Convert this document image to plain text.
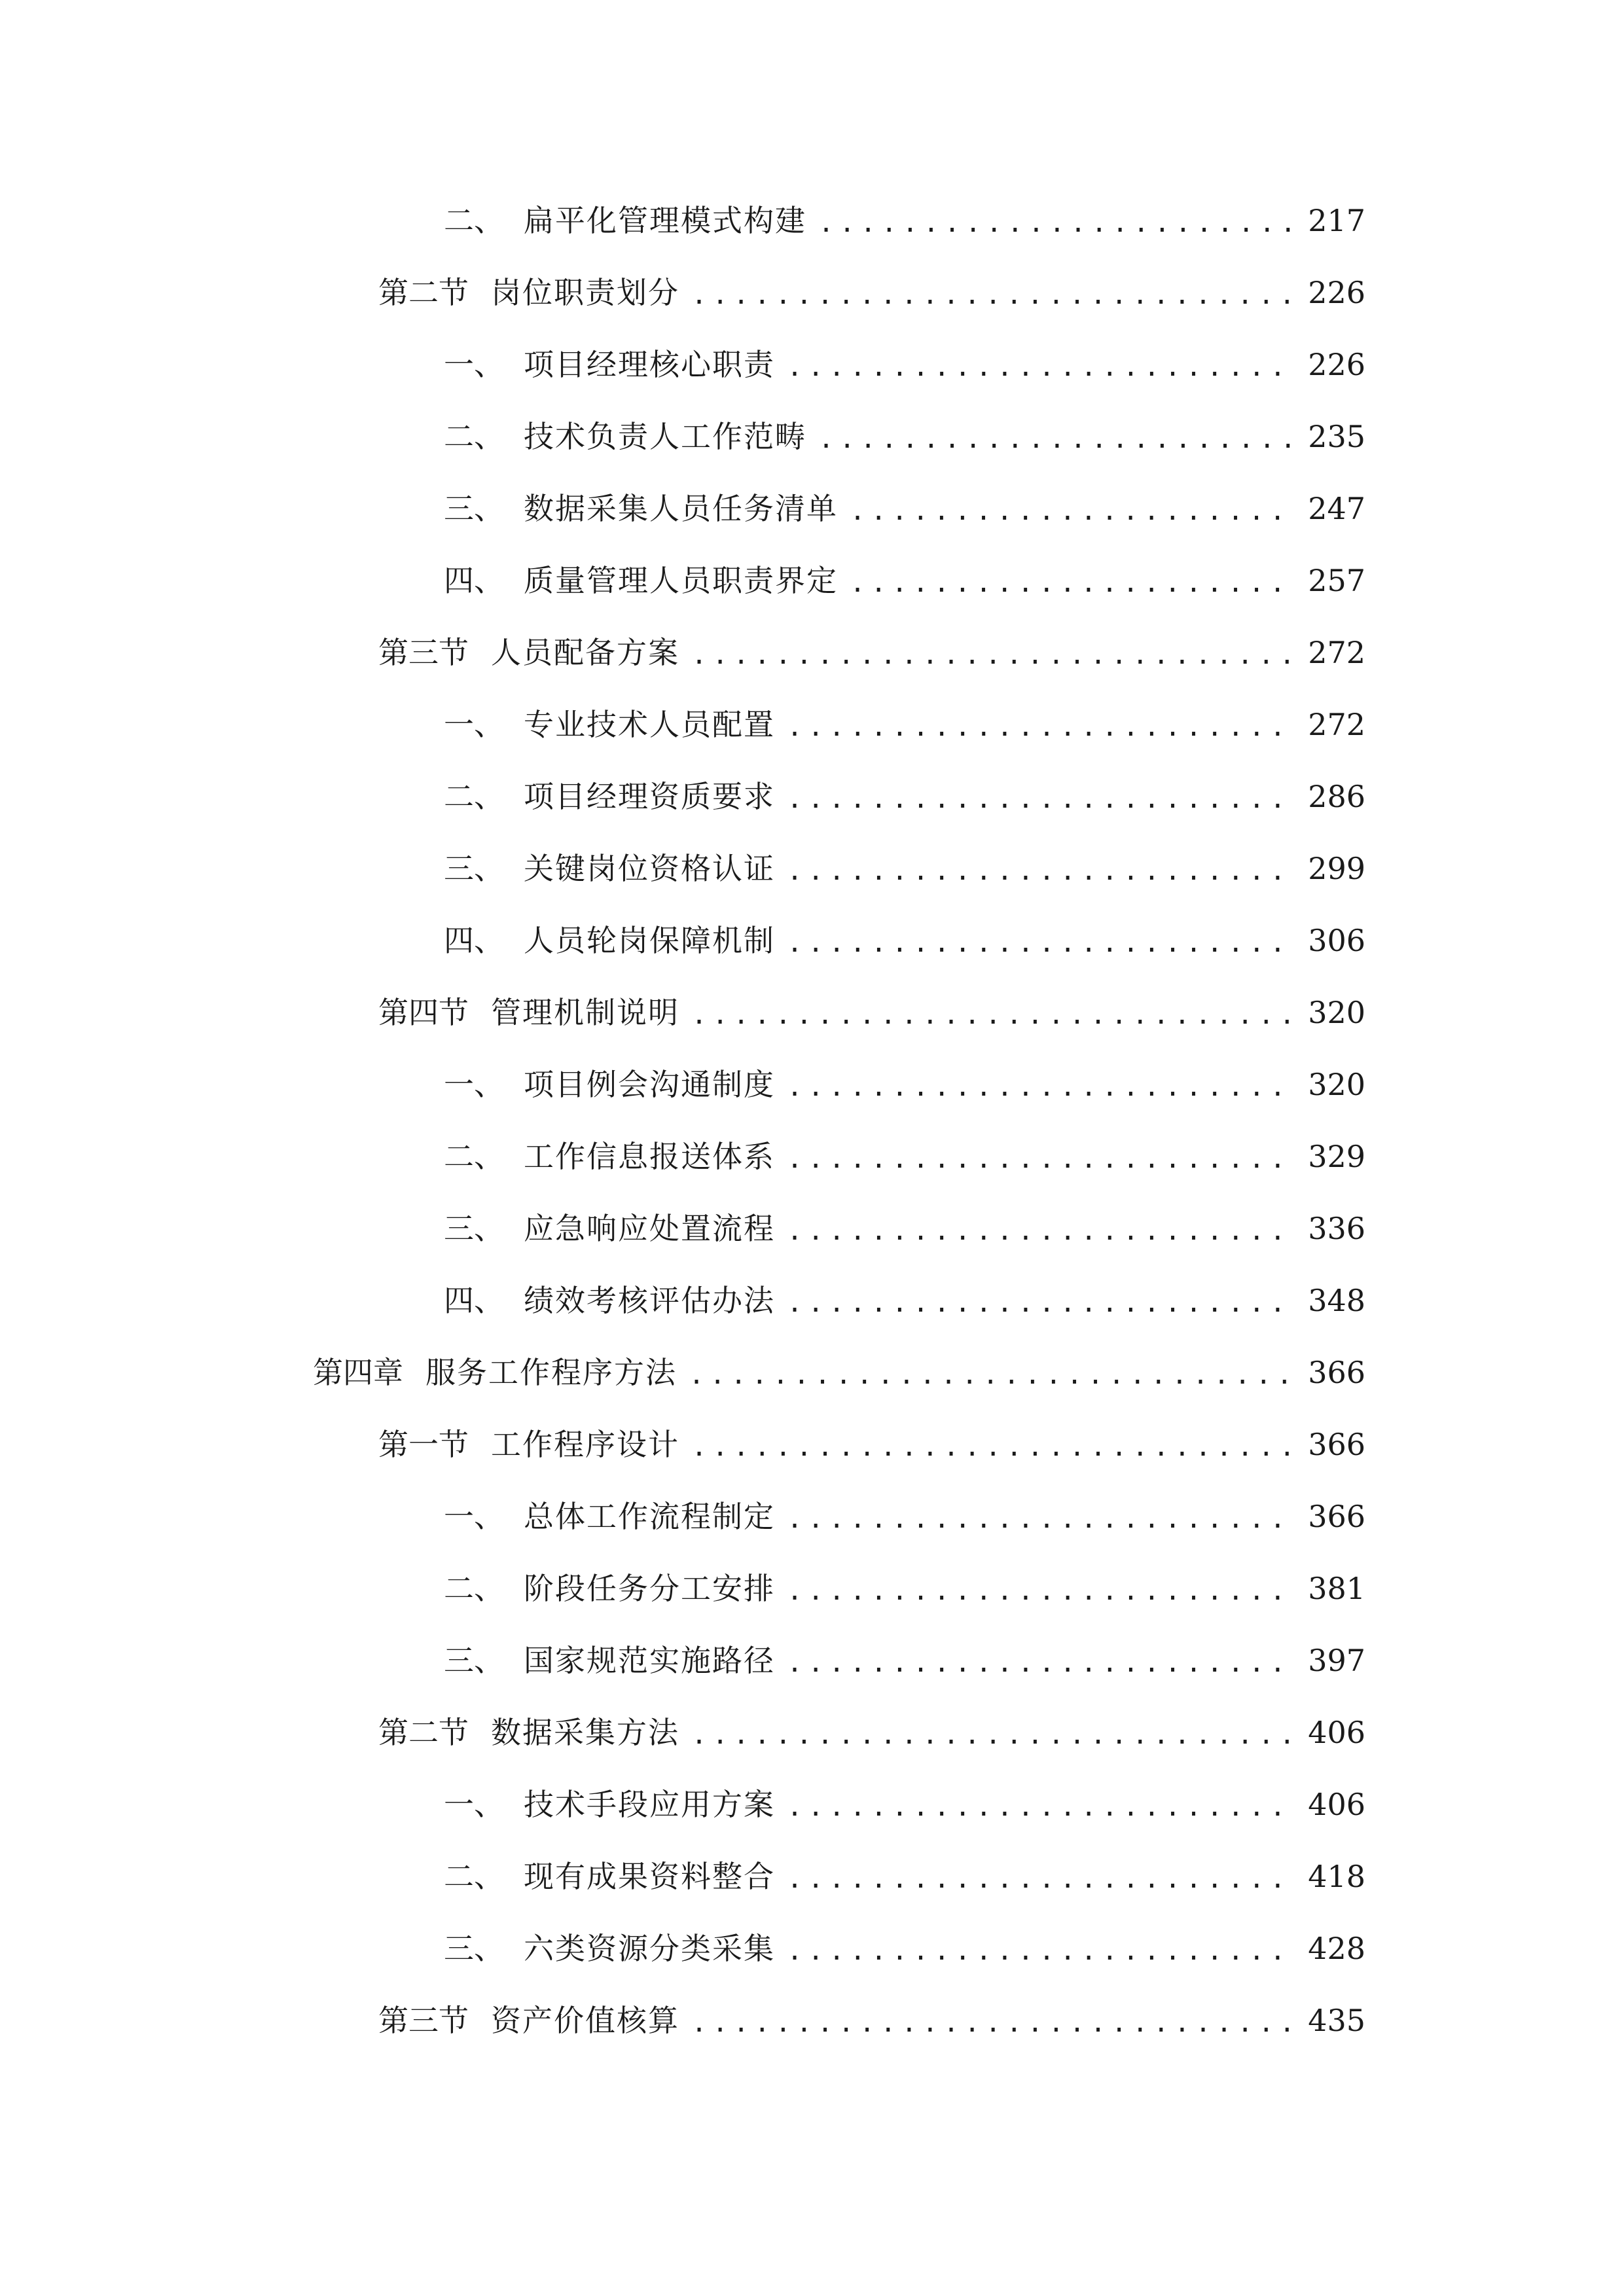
二、 扁平化管理模式构建 .....	217
第二节 岗位职责划分 .....	226
一、 项目经理核心职责 .....	226
二、 技术负责人工作范畴 .....	235
三、 数据采集人员任务清单 .....	247
四、 质量管理人员职责界定 .....	257
第三节 人员配备方案 .....	272
一、 专业技术人员配置 .....	272
二、 项目经理资质要求 .....	286
三、 关键岗位资格认证 .....	299
四、 人员轮岗保障机制 .....	306
第四节 管理机制说明 .....	320
一、 项目例会沟通制度 .....	320
二、 工作信息报送体系 .....	329
三、 应急响应处置流程 .....	336
四、 绩效考核评估办法 .....	348
第四章 服务工作程序方法 .....	366
第一节 工作程序设计 .....	366
一、 总体工作流程制定 .....	366
二、 阶段任务分工安排 .....	381
三、 国家规范实施路径 .....	397
第二节 数据采集方法 .....	406
一、 技术手段应用方案 .....	406
二、 现有成果资料整合 .....	418
三、 六类资源分类采集 .....	428
第三节 资产价值核算 .....	435
